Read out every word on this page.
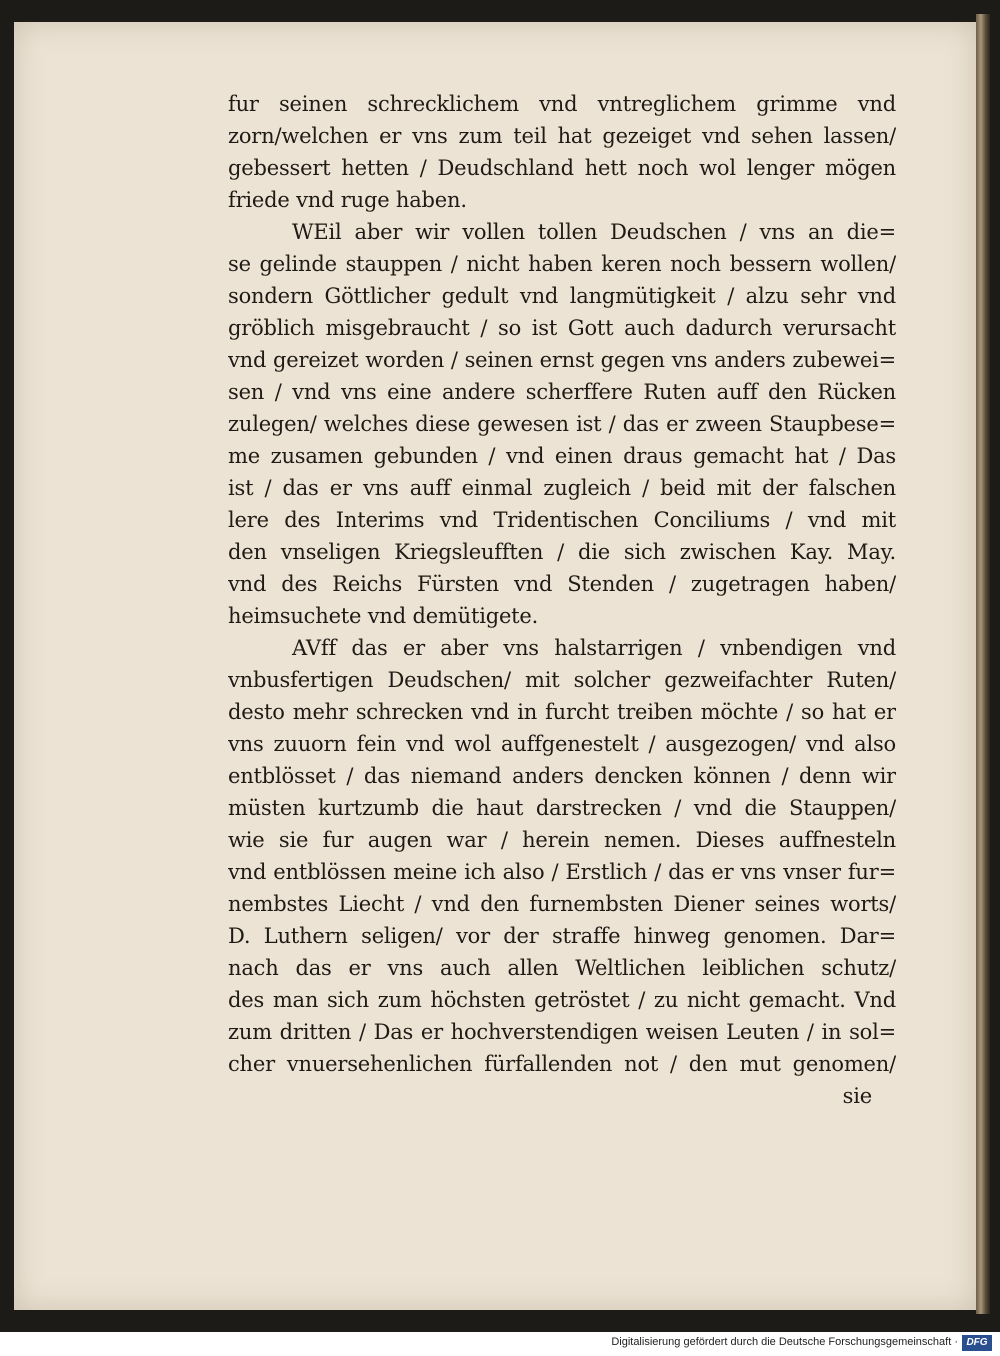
fur seinen schrecklichem vnd vntreglichem grimme vnd
zorn/welchen er vns zum teil hat gezeiget vnd sehen lassen/
gebessert hetten / Deudschland hett noch wol lenger mögen
friede vnd ruge haben.
WEil aber wir vollen tollen Deudschen / vns an die=
se gelinde stauppen / nicht haben keren noch bessern wollen/
sondern Göttlicher gedult vnd langmütigkeit / alzu sehr vnd
gröblich misgebraucht / so ist Gott auch dadurch verursacht
vnd gereizet worden / seinen ernst gegen vns anders zubewei=
sen / vnd vns eine andere scherffere Ruten auff den Rücken
zulegen/ welches diese gewesen ist / das er zween Staupbese=
me zusamen gebunden / vnd einen draus gemacht hat / Das
ist / das er vns auff einmal zugleich / beid mit der falschen
lere des Interims vnd Tridentischen Conciliums / vnd mit
den vnseligen Kriegsleufften / die sich zwischen Kay. May.
vnd des Reichs Fürsten vnd Stenden / zugetragen haben/
heimsuchete vnd demütigete.
AVff das er aber vns halstarrigen / vnbendigen vnd
vnbusfertigen Deudschen/ mit solcher gezweifachter Ruten/
desto mehr schrecken vnd in furcht treiben möchte / so hat er
vns zuuorn fein vnd wol auffgenestelt / ausgezogen/ vnd also
entblösset / das niemand anders dencken können / denn wir
müsten kurtzumb die haut darstrecken / vnd die Stauppen/
wie sie fur augen war / herein nemen. Dieses auffnesteln
vnd entblössen meine ich also / Erstlich / das er vns vnser fur=
nembstes Liecht / vnd den furnembsten Diener seines worts/
D. Luthern seligen/ vor der straffe hinweg genomen. Dar=
nach das er vns auch allen Weltlichen leiblichen schutz/
des man sich zum höchsten getröstet / zu nicht gemacht. Vnd
zum dritten / Das er hochverstendigen weisen Leuten / in sol=
cher vnuersehenlichen fürfallenden not / den mut genomen/
sie
Digitalisierung gefördert durch die Deutsche Forschungsgemeinschaft · DFG
